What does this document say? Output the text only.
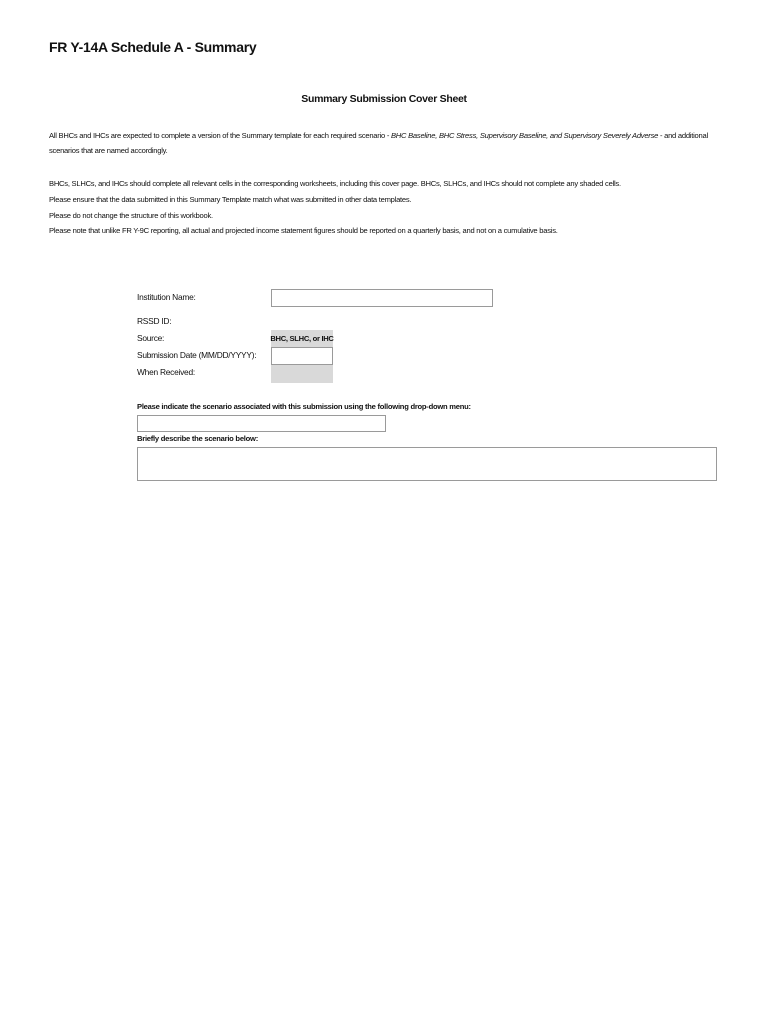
FR Y-14A Schedule A - Summary
Summary Submission Cover Sheet
All BHCs and IHCs are expected to complete a version of the Summary template for each required scenario - BHC Baseline, BHC Stress, Supervisory Baseline, and Supervisory Severely Adverse - and additional scenarios that are named accordingly.
BHCs, SLHCs, and IHCs should complete all relevant cells in the corresponding worksheets, including this cover page. BHCs, SLHCs, and IHCs should not complete any shaded cells.
Please ensure that the data submitted in this Summary Template match what was submitted in other data templates.
Please do not change the structure of this workbook.
Please note that unlike FR Y-9C reporting, all actual and projected income statement figures should be reported on a quarterly basis, and not on a cumulative basis.
Institution Name:
RSSD ID:
Source:	BHC, SLHC, or IHC
Submission Date (MM/DD/YYYY):
When Received:
Please indicate the scenario associated with this submission using the following drop-down menu:
Briefly describe the scenario below:
